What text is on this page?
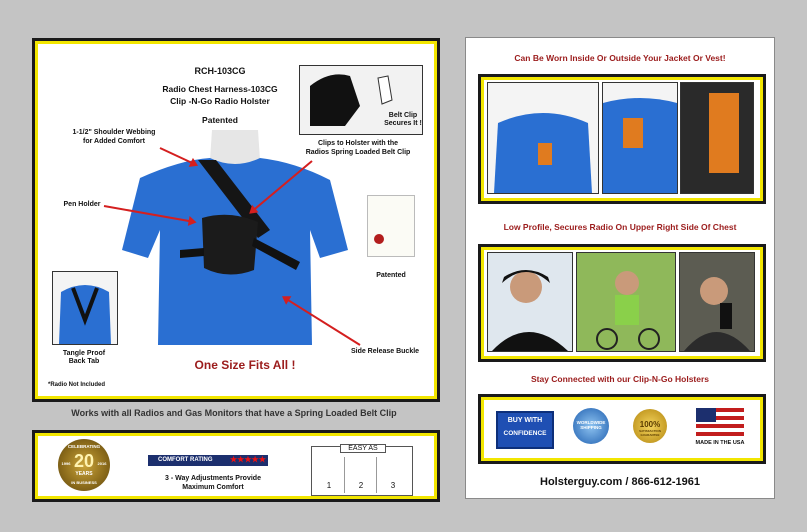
RCH-103CG
Radio Chest Harness-103CG
Clip -N-Go Radio Holster
Patented	Belt Clip
Secures It !
Patented
Tangle Proof
Back Tab
1-1/2" Shoulder Webbing
for Added Comfort
Pen Holder
Clips to Holster with the
Radios Spring Loaded Belt Clip
Side Release Buckle
One Size Fits All !
*Radio Not Included
Works with all Radios and Gas Monitors that have a Spring Loaded Belt Clip
CELEBRATING
1996 20 2016
YEARS
IN BUSINESS
COMFORT RATING ★★★★★
3 - Way Adjustments Provide
Maximum Comfort
EASY AS
1	2	3
Can Be Worn Inside Or Outside Your Jacket Or Vest!
Low Profile, Secures Radio On Upper Right Side Of Chest
Stay Connected with our Clip-N-Go Holsters
BUY WITH
CONFIDENCE
WORLDWIDE
SHIPPING	100%
SATISFACTION
GUARANTEE
MADE IN THE USA
Holsterguy.com / 866-612-1961
